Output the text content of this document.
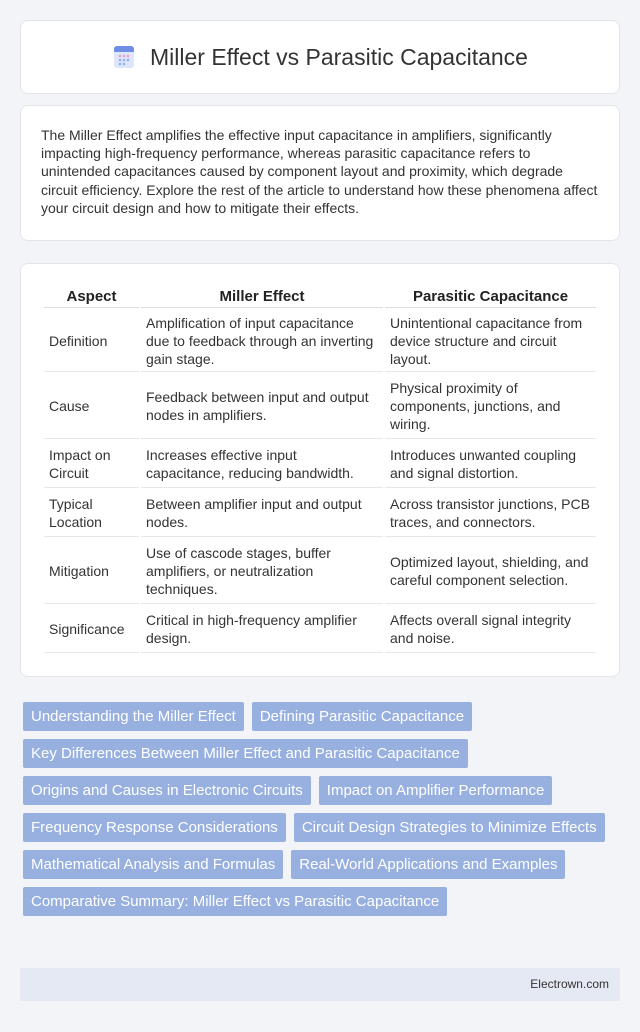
Miller Effect vs Parasitic Capacitance

The Miller Effect amplifies the effective input capacitance in amplifiers, significantly impacting high-frequency performance, whereas parasitic capacitance refers to unintended capacitances caused by component layout and proximity, which degrade circuit efficiency. Explore the rest of the article to understand how these phenomena affect your circuit design and how to mitigate their effects.

Aspect	Miller Effect	Parasitic Capacitance
Definition	Amplification of input capacitance due to feedback through an inverting gain stage.	Unintentional capacitance from device structure and circuit layout.
Cause	Feedback between input and output nodes in amplifiers.	Physical proximity of components, junctions, and wiring.
Impact on Circuit	Increases effective input capacitance, reducing bandwidth.	Introduces unwanted coupling and signal distortion.
Typical Location	Between amplifier input and output nodes.	Across transistor junctions, PCB traces, and connectors.
Mitigation	Use of cascode stages, buffer amplifiers, or neutralization techniques.	Optimized layout, shielding, and careful component selection.
Significance	Critical in high-frequency amplifier design.	Affects overall signal integrity and noise.
Understanding the Miller Effect	Defining Parasitic Capacitance
Key Differences Between Miller Effect and Parasitic Capacitance
Origins and Causes in Electronic Circuits	Impact on Amplifier Performance
Frequency Response Considerations	Circuit Design Strategies to Minimize Effects
Mathematical Analysis and Formulas	Real-World Applications and Examples
Comparative Summary: Miller Effect vs Parasitic Capacitance
Electrown.com
